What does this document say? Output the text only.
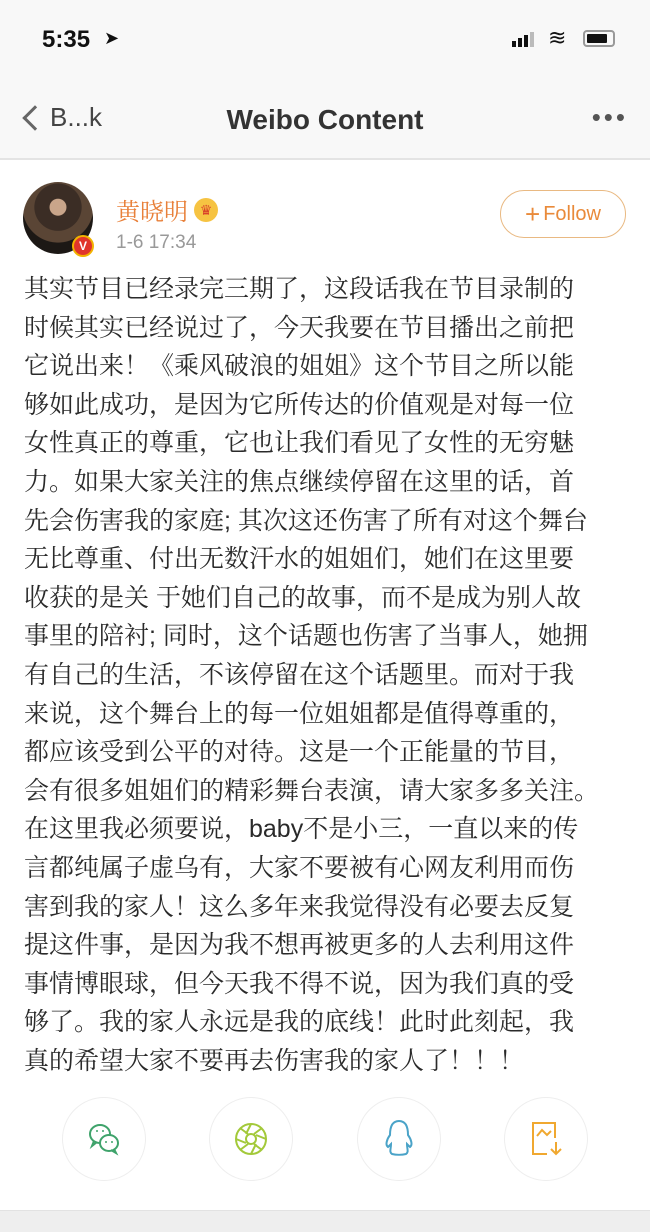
5:35 ➤	≋
B...k	Weibo Content	•••
V
黄晓明 ♛
1-6 17:34
+ Follow
其实节目已经录完三期了，这段话我在节目录制的
时候其实已经说过了，今天我要在节目播出之前把
它说出来！《乘风破浪的姐姐》这个节目之所以能
够如此成功，是因为它所传达的价值观是对每一位
女性真正的尊重，它也让我们看见了女性的无穷魅
力。如果大家关注的焦点继续停留在这里的话，首
先会伤害我的家庭; 其次这还伤害了所有对这个舞台
无比尊重、付出无数汗水的姐姐们，她们在这里要
收获的是关 于她们自己的故事，而不是成为别人故
事里的陪衬; 同时，这个话题也伤害了当事人，她拥
有自己的生活，不该停留在这个话题里。而对于我
来说，这个舞台上的每一位姐姐都是值得尊重的，
都应该受到公平的对待。这是一个正能量的节目，
会有很多姐姐们的精彩舞台表演，请大家多多关注。
在这里我必须要说，baby不是小三，一直以来的传
言都纯属子虚乌有，大家不要被有心网友利用而伤
害到我的家人！这么多年来我觉得没有必要去反复
提这件事，是因为我不想再被更多的人去利用这件
事情博眼球，但今天我不得不说，因为我们真的受
够了。我的家人永远是我的底线！此时此刻起，我
真的希望大家不要再去伤害我的家人了！！！
